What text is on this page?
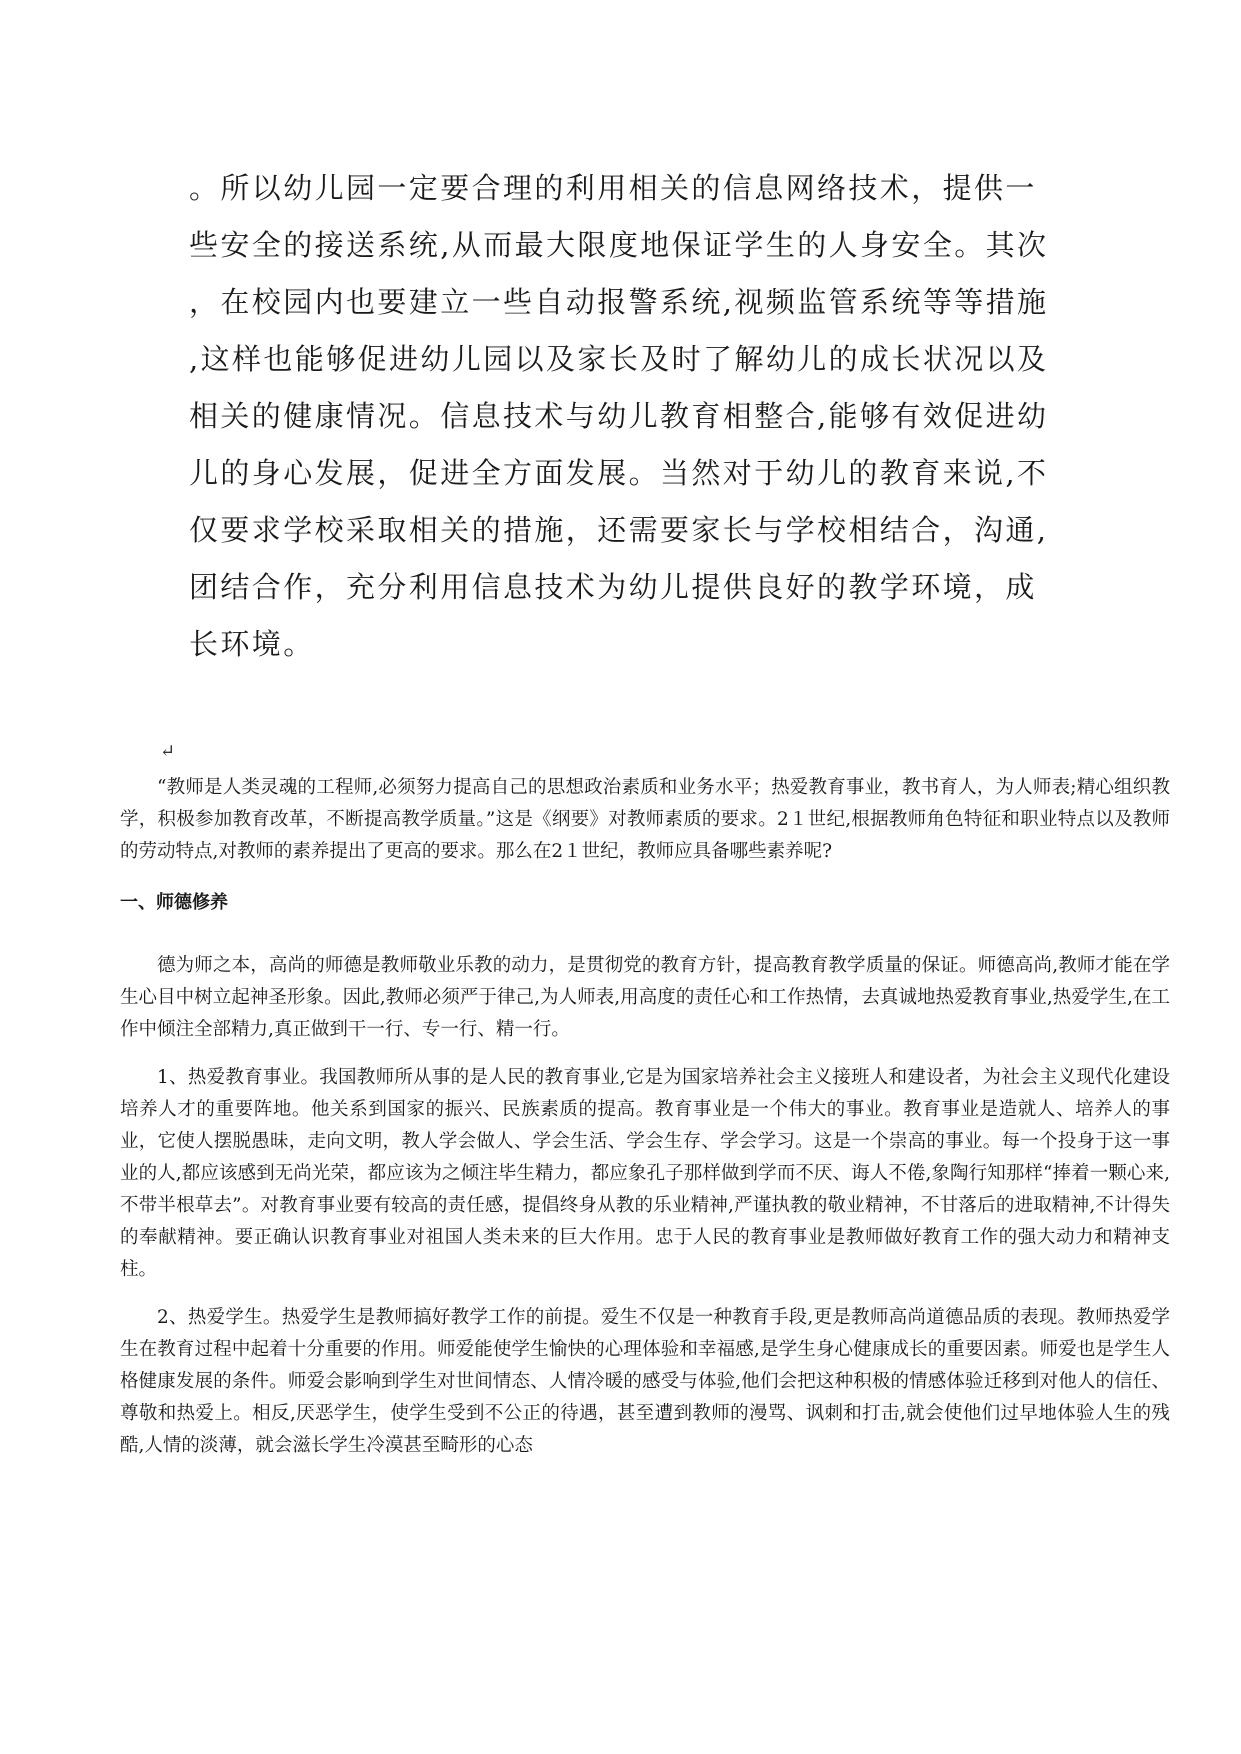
。所以幼儿园一定要合理的利用相关的信息网络技术，提供一
些安全的接送系统,从而最大限度地保证学生的人身安全。其次
，在校园内也要建立一些自动报警系统,视频监管系统等等措施
,这样也能够促进幼儿园以及家长及时了解幼儿的成长状况以及
相关的健康情况。信息技术与幼儿教育相整合,能够有效促进幼
儿的身心发展，促进全方面发展。当然对于幼儿的教育来说,不
仅要求学校采取相关的措施，还需要家长与学校相结合，沟通,
团结合作，充分利用信息技术为幼儿提供良好的教学环境，成
长环境。
↵

“教师是人类灵魂的工程师,必须努力提高自己的思想政治素质和业务水平；热爱教育事业，教书育人，为人师表;精心组织教学，积极参加教育改革，不断提高教学质量。”这是《纲要》对教师素质的要求。2１世纪,根据教师角色特征和职业特点以及教师的劳动特点,对教师的素养提出了更高的要求。那么在2１世纪，教师应具备哪些素养呢?

一、师德修养

德为师之本，高尚的师德是教师敬业乐教的动力，是贯彻党的教育方针，提高教育教学质量的保证。师德高尚,教师才能在学生心目中树立起神圣形象。因此,教师必须严于律己,为人师表,用高度的责任心和工作热情，去真诚地热爱教育事业,热爱学生,在工作中倾注全部精力,真正做到干一行、专一行、精一行。

1、热爱教育事业。我国教师所从事的是人民的教育事业,它是为国家培养社会主义接班人和建设者，为社会主义现代化建设培养人才的重要阵地。他关系到国家的振兴、民族素质的提高。教育事业是一个伟大的事业。教育事业是造就人、培养人的事业，它使人摆脱愚昧，走向文明，教人学会做人、学会生活、学会生存、学会学习。这是一个崇高的事业。每一个投身于这一事业的人,都应该感到无尚光荣，都应该为之倾注毕生精力，都应象孔子那样做到学而不厌、诲人不倦,象陶行知那样“捧着一颗心来,不带半根草去”。对教育事业要有较高的责任感，提倡终身从教的乐业精神,严谨执教的敬业精神，不甘落后的进取精神,不计得失的奉献精神。要正确认识教育事业对祖国人类未来的巨大作用。忠于人民的教育事业是教师做好教育工作的强大动力和精神支柱。

2、热爱学生。热爱学生是教师搞好教学工作的前提。爱生不仅是一种教育手段,更是教师高尚道德品质的表现。教师热爱学生在教育过程中起着十分重要的作用。师爱能使学生愉快的心理体验和幸福感,是学生身心健康成长的重要因素。师爱也是学生人格健康发展的条件。师爱会影响到学生对世间情态、人情冷暖的感受与体验,他们会把这种积极的情感体验迁移到对他人的信任、尊敬和热爱上。相反,厌恶学生，使学生受到不公正的待遇，甚至遭到教师的漫骂、讽刺和打击,就会使他们过早地体验人生的残酷,人情的淡薄，就会滋长学生冷漠甚至畸形的心态
